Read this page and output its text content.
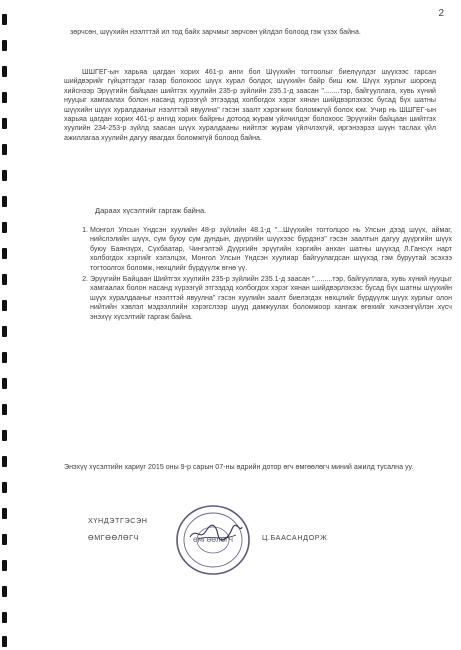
2
зөрчсөн, шүүхийн нээлттэй ил тод байх зарчмыг зөрчсөн үйлдэл болоод гэж үзэх байна.
ШШГЕГ-ын харьяа цагдан хорих 461-р анги бол Шүүхийн тогтоолыг биелүүлдэг шүүхээс гарсан шийдвэрийг гүйцэтгэдэг газар болохоос шүүх хурал болдог, шүүхийн байр биш юм. Шүүх хурлыг шоронд хийснээр Эрүүгийн байцаан шийтгэх хуулийн 235-р зүйлийн 235.1-д заасан "........тэр, байгууллага, хувь хүний нууцыг хамгаалах болон насанд хүрээгүй этгээдэд холбогдох хэрэг хянан шийдвэрлэхээс бусад бүх шатны шүүхийн шүүх хуралдааныг нээлттэй явуулна" гэсэн заалт хэрэгжих боломжгүй болох юм. Учир нь ШШГЕГ-ын харьяа цагдан хорих 461-р ангид хорих байрны дотоод журам үйлчилдэг болохоос Эрүүгийн байцаан шийтгэх хуулийн 234-253-р зүйлд заасан шүүх хуралдааны нийтлэг журам үйлчлэхгүй, иргэнээрээ шүүн таслах үйл ажиллагаа хуулийн дагуу явагдах боломжгүй болоод байна.
Дараах хүсэлтийг гаргаж байна.
1. Монгол Улсын Үндсэн хуулийн 48-р зүйлийн 48.1-д "...Шүүхийн тогтолцоо нь Улсын дээд шүүх, аймаг, нийслэлийн шүүх, сум буюу сум дундын, дүүргийн шүүхээс бүрдэнэ" гэсэн заалтын дагуу дүүргийн шүүх буюу Баянзүрх, Сүхбаатар, Чингэлтэй Дүүргийн эрүүгийн хэргийн анхан шатны шүүхэд Л.Гансүх нарт холбогдох хэргийг хэлэлцэх, Монгол Улсын Үндсэн хуулиар байгуулагдсан шүүхэд гэм буруутай эсэхээ тогтоолгох боломж, нөхцлийг бүрдүүлж өгнө үү.
2. Эрүүгийн Байцаан Шийтгэх хуулийн 235-р зүйлийн 235.1-д заасан ".........тэр, байгууллага, хувь хүний нууцыг хамгаалах болон насанд хүрээгүй этгээдэд холбогдох хэрэг хянан шийдвэрлэхээс бусад бүх шатны шүүхийн шүүх хуралдааныг нээлттэй явуулна" гэсэн хуулийн заалт биелэгдэх нөхцлийг бүрдүүлж шүүх хурлыг олон нийтийн хэвлэл мэдээллийн хэрэгслээр шууд дамжуулах боломжоор хангаж өгөхийг хичээнгүйлэн хүсч энэхүү хүсэлтийг гаргаж байна.
Энэхүү хүсэлтийн хариуг 2015 оны 9-р сарын 07-ны өдрийн дотор өгч өмгөөлөгч миний ажилд тусална уу.
ХҮНДЭТГЭСЭН
ӨМГӨӨЛӨГЧ	Ц.БААСАНДОРЖ
ӨМГӨӨЛӨГЧ
